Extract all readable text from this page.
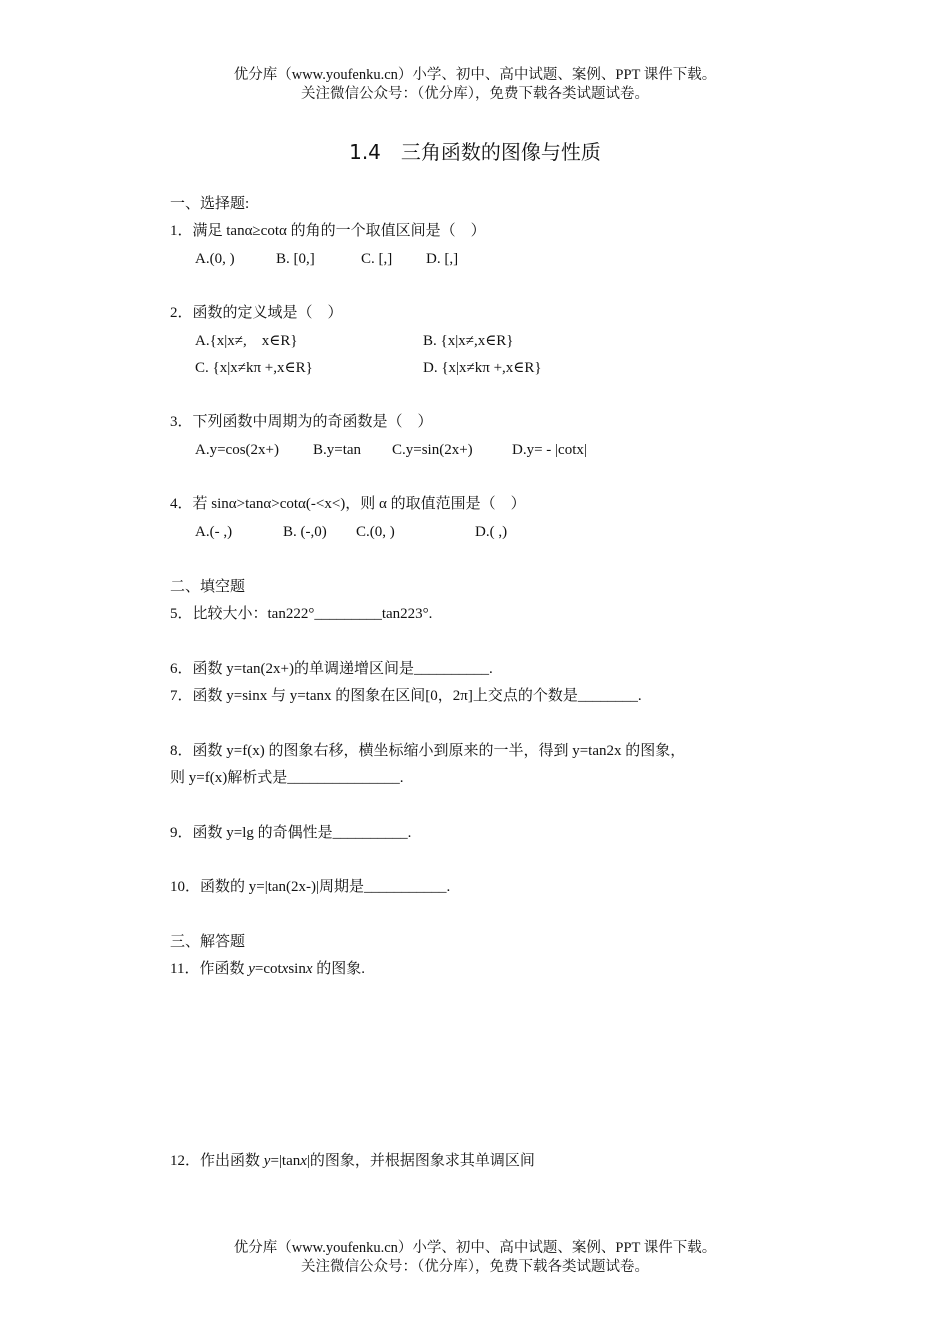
优分库（www.youfenku.cn）小学、初中、高中试题、案例、PPT 课件下载。
关注微信公众号：（优分库），免费下载各类试题试卷。
1.4　三角函数的图像与性质
一、选择题:
1．满足 tanα≥cotα 的角的一个取值区间是（　）
A.(0, )	B. [0,]	C. [,] D. [,]
2．函数的定义域是（　）
A.{x|x≠,　x∈R}	B. {x|x≠,x∈R}
C. {x|x≠kπ +,x∈R}	D. {x|x≠kπ +,x∈R}
3．下列函数中周期为的奇函数是（　）
A.y=cos(2x+) B.y=tan C.y=sin(2x+)	D.y= - |cotx|
4．若 sinα>tanα>cotα(-<x<)，则 α 的取值范围是（　）
A.(- ,)	B. (-,0) C.(0, )	D.( ,)
二、填空题
5．比较大小：tan222°_________tan223°.
6．函数 y=tan(2x+)的单调递增区间是__________.
7．函数 y=sinx 与 y=tanx 的图象在区间[0，2π]上交点的个数是________.
8．函数 y=f(x) 的图象右移，横坐标缩小到原来的一半，得到 y=tan2x 的图象，
则 y=f(x)解析式是_______________.
9．函数 y=lg 的奇偶性是__________.
10．函数的 y=|tan(2x-)|周期是___________.
三、解答题
11．作函数 y=cotxsinx 的图象.
12．作出函数 y=|tanx|的图象，并根据图象求其单调区间
优分库（www.youfenku.cn）小学、初中、高中试题、案例、PPT 课件下载。
关注微信公众号：（优分库），免费下载各类试题试卷。
